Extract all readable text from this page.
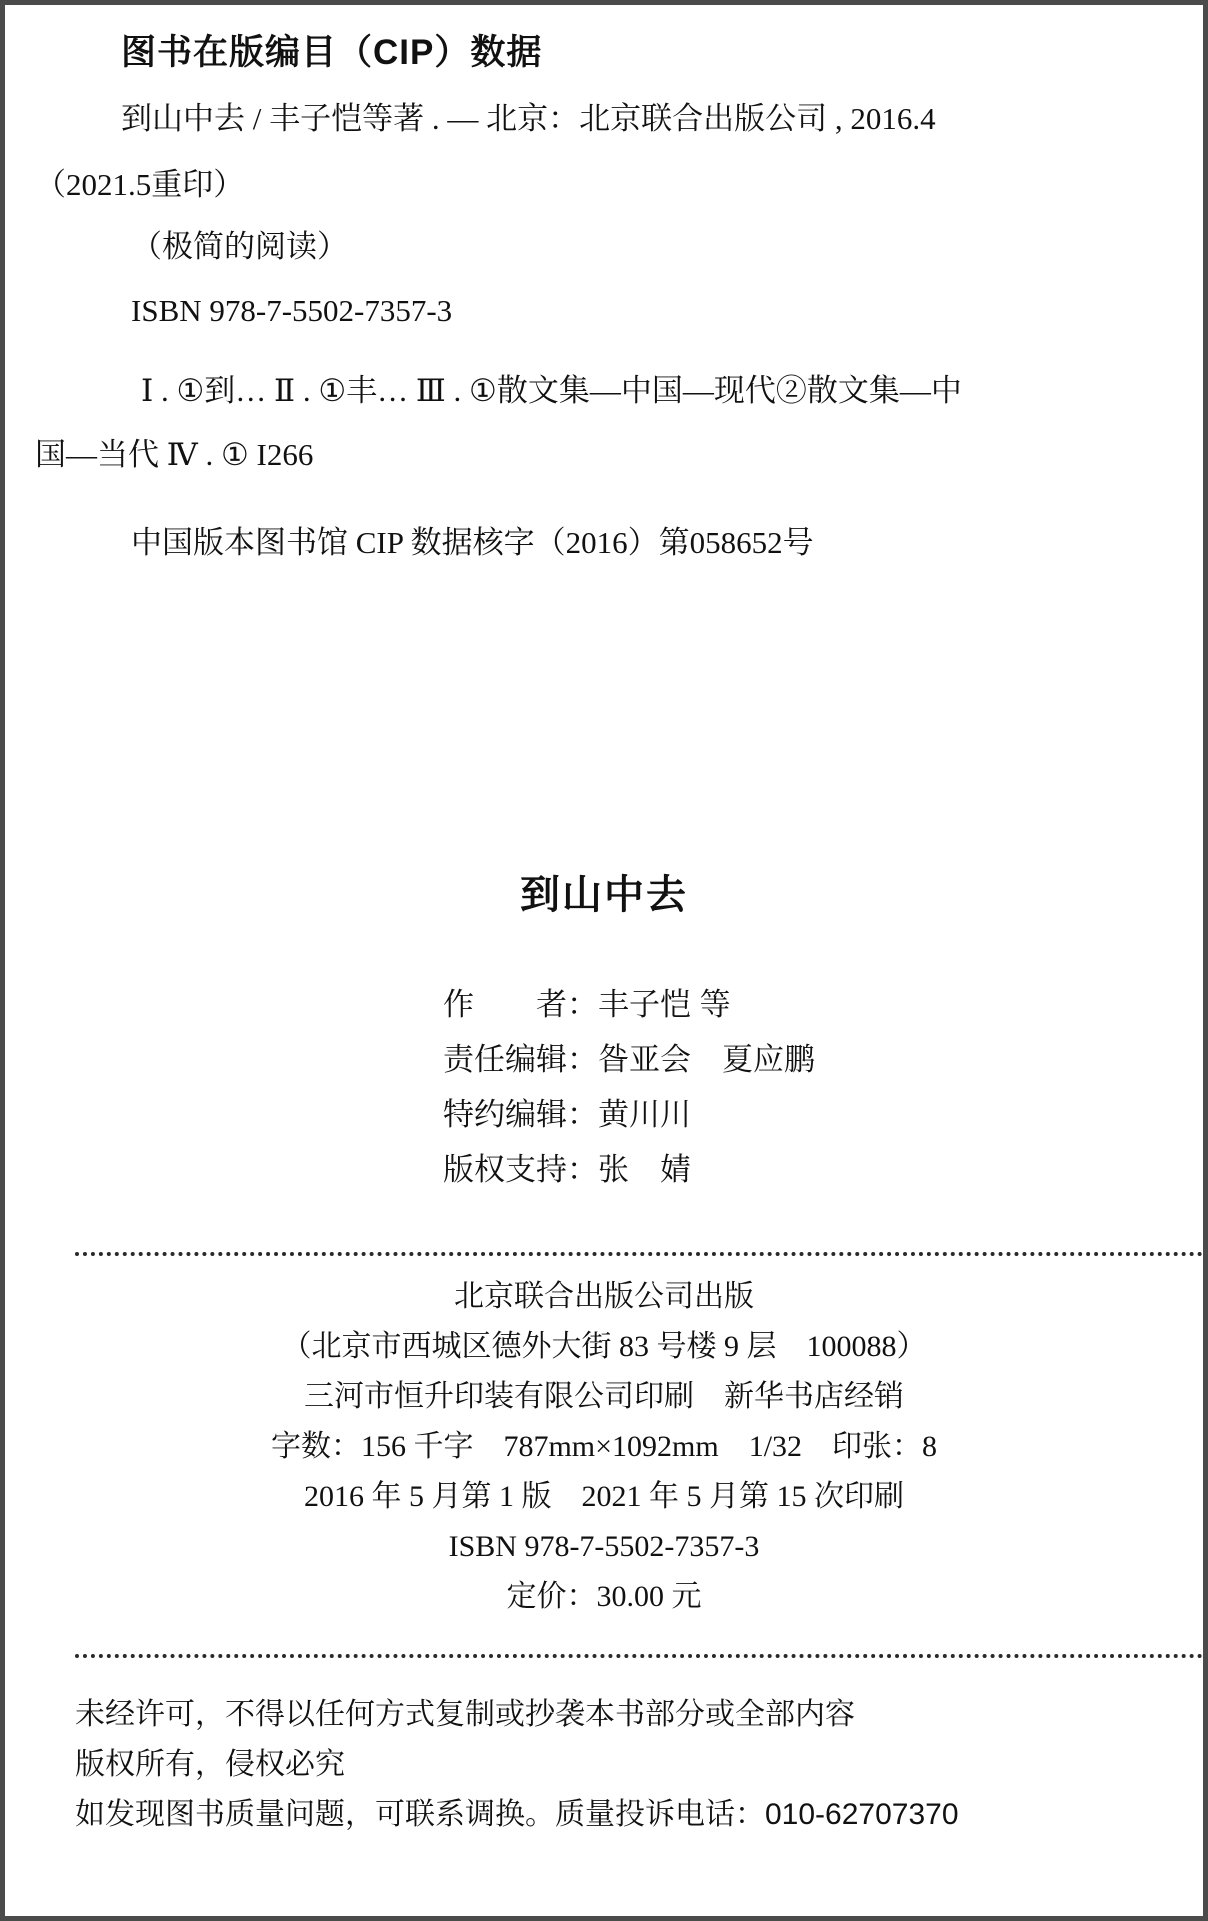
图书在版编目（CIP）数据
到山中去 / 丰子恺等著 . — 北京：北京联合出版公司 , 2016.4
（2021.5重印）
（极简的阅读）
ISBN 978-7-5502-7357-3
Ⅰ . ①到… Ⅱ . ①丰… Ⅲ . ①散文集—中国—现代②散文集—中
国—当代 Ⅳ . ① I266
中国版本图书馆 CIP 数据核字（2016）第058652号
到山中去
作　　者：丰子恺 等
责任编辑：昝亚会　夏应鹏
特约编辑：黄川川
版权支持：张　婧
北京联合出版公司出版
（北京市西城区德外大街 83 号楼 9 层　100088）
三河市恒升印装有限公司印刷　新华书店经销
字数：156 千字　787mm×1092mm　1/32　印张：8
2016 年 5 月第 1 版　2021 年 5 月第 15 次印刷
ISBN 978-7-5502-7357-3
定价：30.00 元
未经许可，不得以任何方式复制或抄袭本书部分或全部内容
版权所有，侵权必究
如发现图书质量问题，可联系调换。质量投诉电话：010-62707370
